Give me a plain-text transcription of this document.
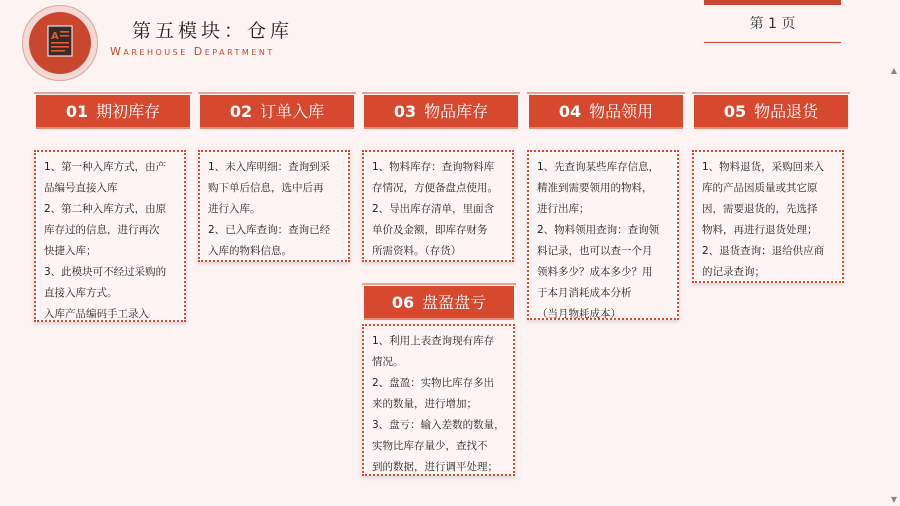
A	第五模块：仓库
Warehouse Department
第 1 页
▲
▼
01 期初库存
1、第一种入库方式，由产
品编号直接入库
2、第二种入库方式，由原
库存过的信息，进行再次
快捷入库；
3、此模块可不经过采购的
直接入库方式。
入库产品编码手工录入
02 订单入库
1、未入库明细：查询到采
购下单后信息，选中后再
进行入库。
2、已入库查询：查询已经
入库的物料信息。
03 物品库存
1、物料库存：查询物料库
存情况，方便备盘点使用。
2、导出库存清单，里面含
单价及金额，即库存财务
所需资料。（存货）
04 物品领用
1、先查询某些库存信息，
精准到需要领用的物料，
进行出库；
2、物料领用查询：查询领
料记录，也可以查一个月
领料多少？成本多少？用
于本月消耗成本分析
（当月物耗成本）
05 物品退货
1、物料退货，采购回来入
库的产品因质量或其它原
因，需要退货的，先选择
物料，再进行退货处理；
2、退货查询：退给供应商
的记录查询；
06 盘盈盘亏
1、利用上表查询现有库存
情况。
2、盘盈：实物比库存多出
来的数量，进行增加；
3、盘亏：输入差数的数量，
实物比库存量少，查找不
到的数据，进行调平处理；
